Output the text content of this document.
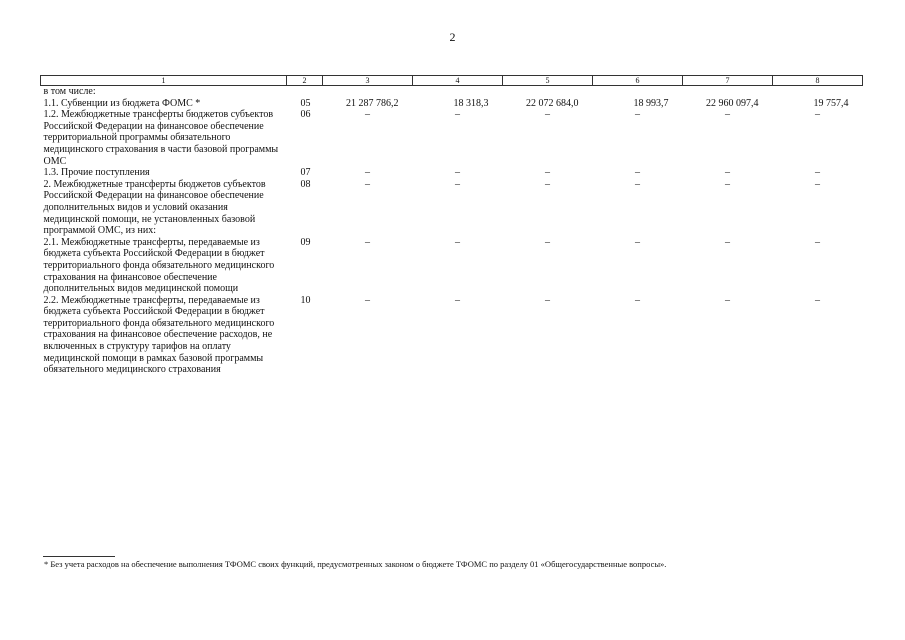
2
1	2	3	4	5	6	7	8
в том числе:							
1.1. Субвенции из бюджета ФОМС *	05	21 287 786,2	18 318,3	22 072 684,0	18 993,7	22 960 097,4	19 757,4
1.2. Межбюджетные трансферты бюджетов субъектов Российской Федерации на финансовое обеспечение территориальной программы обязательного медицинского страхования в части базовой программы ОМС	06	–	–	–	–	–	–
1.3. Прочие поступления	07	–	–	–	–	–	–
2. Межбюджетные трансферты бюджетов субъектов Российской Федерации на финансовое обеспечение дополнительных видов и условий оказания медицинской помощи, не установленных базовой программой ОМС, из них:	08	–	–	–	–	–	–
2.1. Межбюджетные трансферты, передаваемые из бюджета субъекта Российской Федерации в бюджет территориального фонда обязательного медицинского страхования на финансовое обеспечение дополнительных видов медицинской помощи	09	–	–	–	–	–	–
2.2. Межбюджетные трансферты, передаваемые из бюджета субъекта Российской Федерации в бюджет территориального фонда обязательного медицинского страхования на финансовое обеспечение расходов, не включенных в структуру тарифов на оплату медицинской помощи в рамках базовой программы обязательного медицинского страхования	10	–	–	–	–	–	–
* Без учета расходов на обеспечение выполнения ТФОМС своих функций, предусмотренных законом о бюджете ТФОМС по разделу 01 «Общегосударственные вопросы».
